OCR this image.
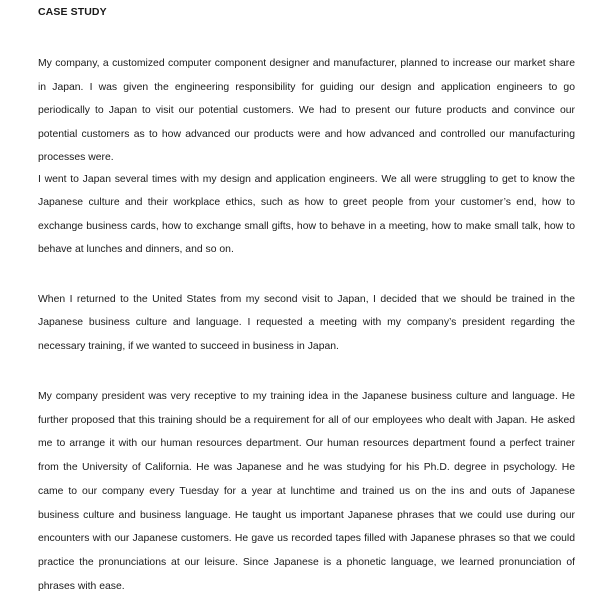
CASE STUDY

My company, a customized computer component designer and manufacturer, planned to increase our market share in Japan. I was given the engineering responsibility for guiding our design and application engineers to go periodically to Japan to visit our potential customers. We had to present our future products and convince our potential customers as to how advanced our products were and how advanced and controlled our manufacturing processes were.

I went to Japan several times with my design and application engineers. We all were struggling to get to know the Japanese culture and their workplace ethics, such as how to greet people from your customer’s end, how to exchange business cards, how to exchange small gifts, how to behave in a meeting, how to make small talk, how to behave at lunches and dinners, and so on.

When I returned to the United States from my second visit to Japan, I decided that we should be trained in the Japanese business culture and language. I requested a meeting with my company’s president regarding the necessary training, if we wanted to succeed in business in Japan.

My company president was very receptive to my training idea in the Japanese business culture and language. He further proposed that this training should be a requirement for all of our employees who dealt with Japan. He asked me to arrange it with our human resources department. Our human resources department found a perfect trainer from the University of California. He was Japanese and he was studying for his Ph.D. degree in psychology. He came to our company every Tuesday for a year at lunchtime and trained us on the ins and outs of Japanese business culture and business language. He taught us important Japanese phrases that we could use during our encounters with our Japanese customers. He gave us recorded tapes filled with Japanese phrases so that we could practice the pronunciations at our leisure. Since Japanese is a phonetic language, we learned pronunciation of phrases with ease.
